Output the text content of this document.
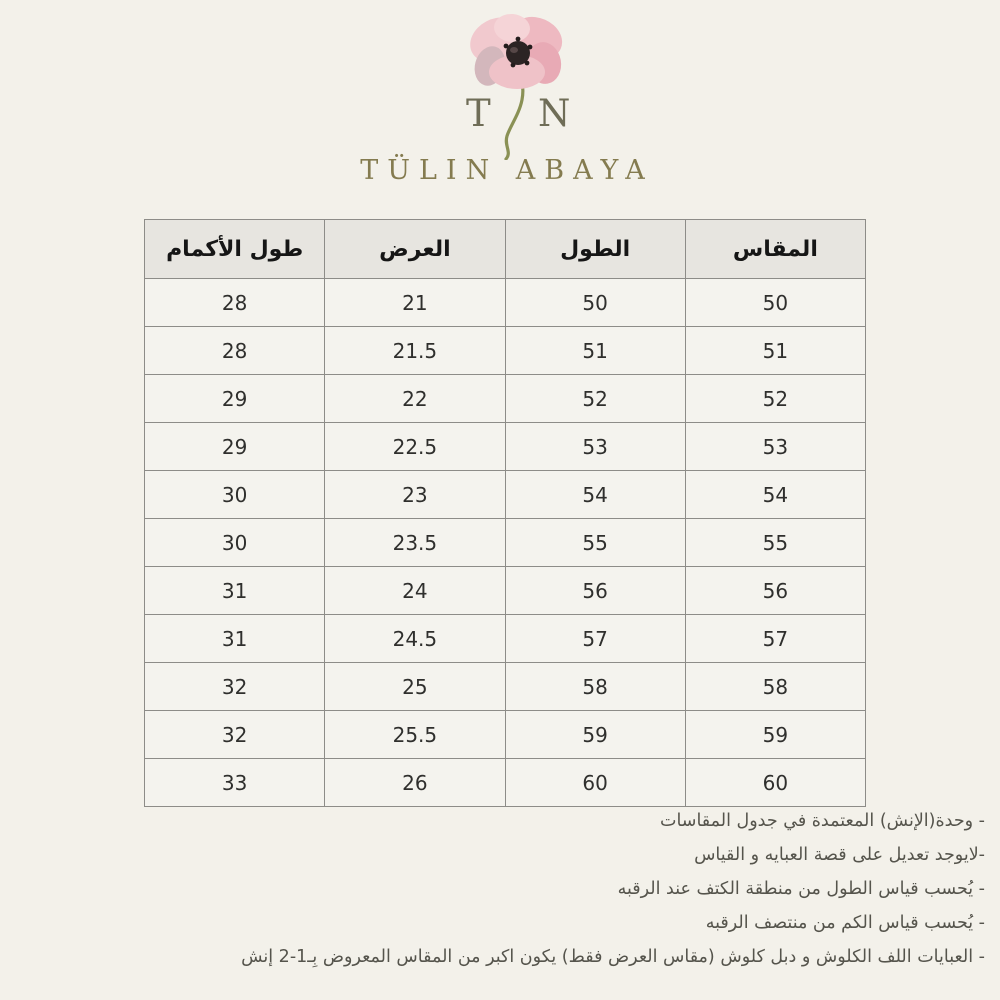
T N
TÜLIN ABAYA
المقاس	الطول	العرض	طول الأكمام
50	50	21	28
51	51	21.5	28
52	52	22	29
53	53	22.5	29
54	54	23	30
55	55	23.5	30
56	56	24	31
57	57	24.5	31
58	58	25	32
59	59	25.5	32
60	60	26	33
- وحدة(الإنش) المعتمدة في جدول المقاسات
-لايوجد تعديل على قصة العبايه و القياس
- يُحسب قياس الطول من منطقة الكتف عند الرقبه
- يُحسب قياس الكم من منتصف الرقبه
- العبايات اللف الكلوش و دبل كلوش (مقاس العرض فقط) يكون اكبر من المقاس المعروض بِـ1-2 إنش
